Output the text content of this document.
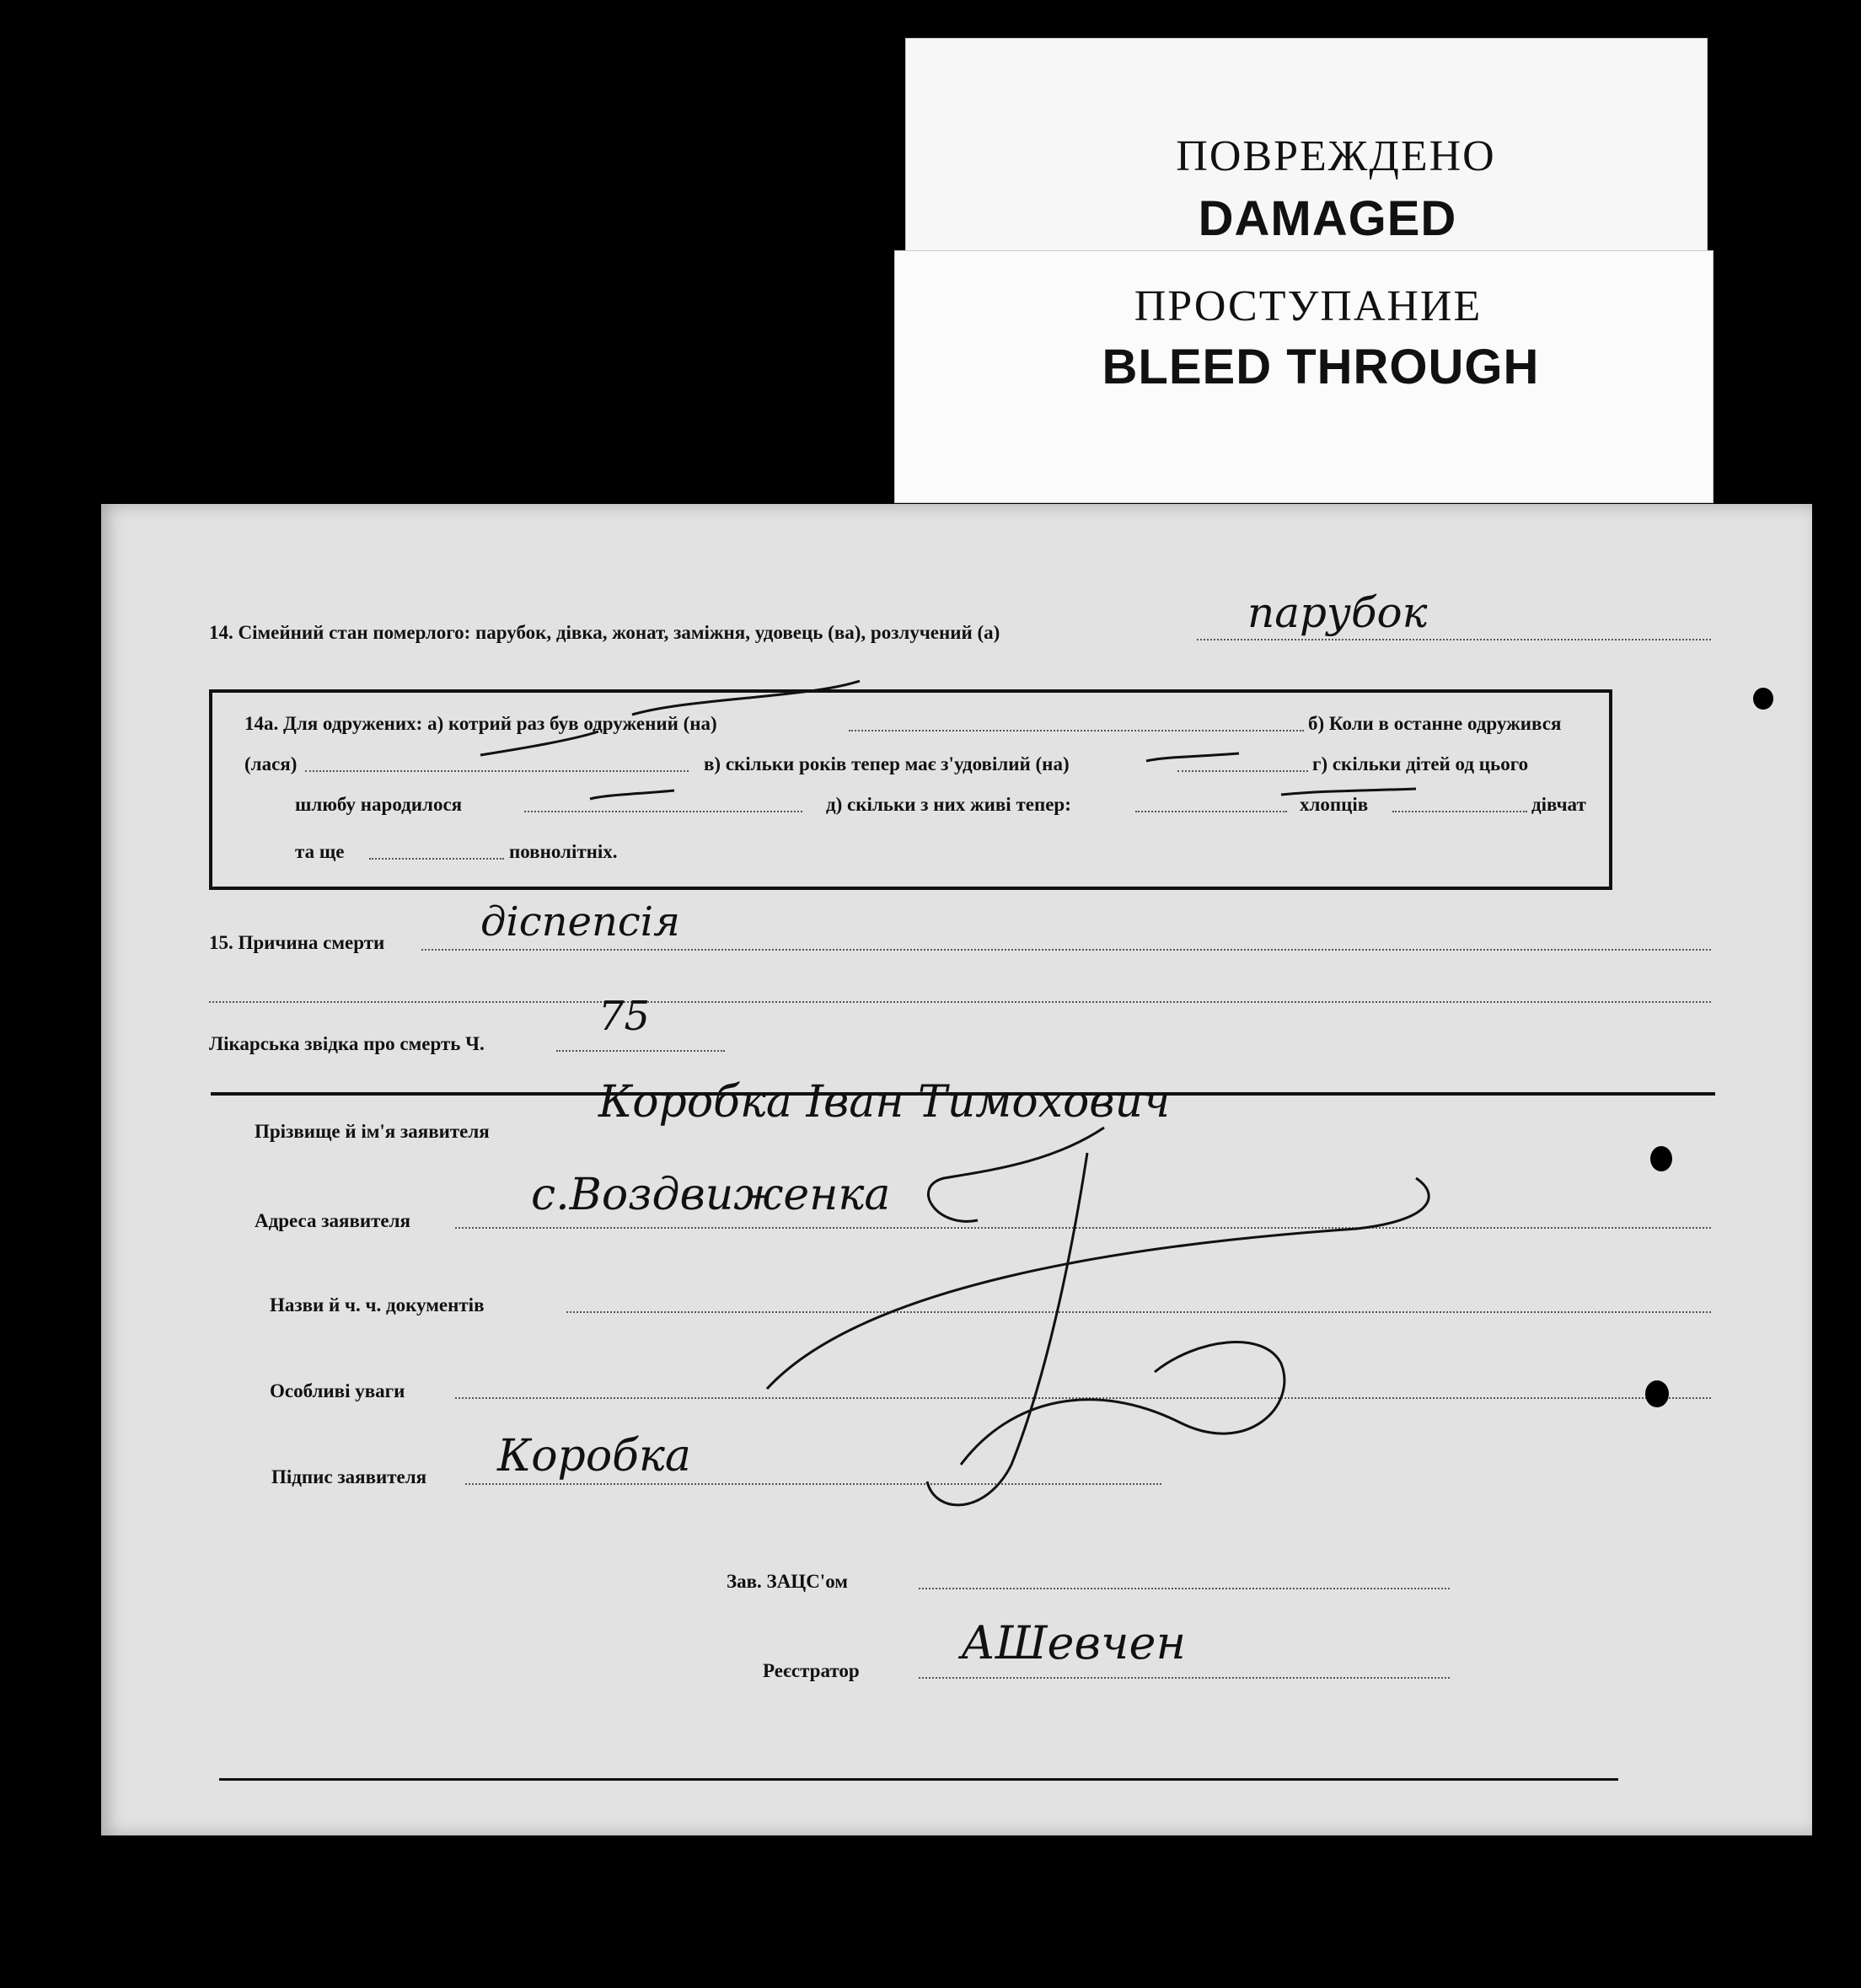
ПОВРЕЖДЕНО
DAMAGED
ПРОСТУПАНИЕ
BLEED THROUGH
14. Сімейний стан померлого: парубок, дівка, жонат, заміжня, удовець (ва), розлучений (а)	парубок
14а. Для одружених: а) котрий раз був одружений (на)	б) Коли в останне одружився
(лася)	в) скільки років тепер має з'удовілий (на)	г) скільки дітей од цього
шлюбу народилося	д) скільки з них живі тепер:	хлопців	дівчат
та ще	повнолітніх.
15. Причина смерти діспепсія
Лікарська звідка про смерть Ч.
75
Прізвище й ім'я заявителя
Коробка Іван Тимохович
Адреса заявителя
с.Воздвиженка
Назви й ч. ч. документів
Особливі уваги
Підпис заявителя Коробка
Зав. ЗАЦС'ом
Реєстратор
АШевчен
